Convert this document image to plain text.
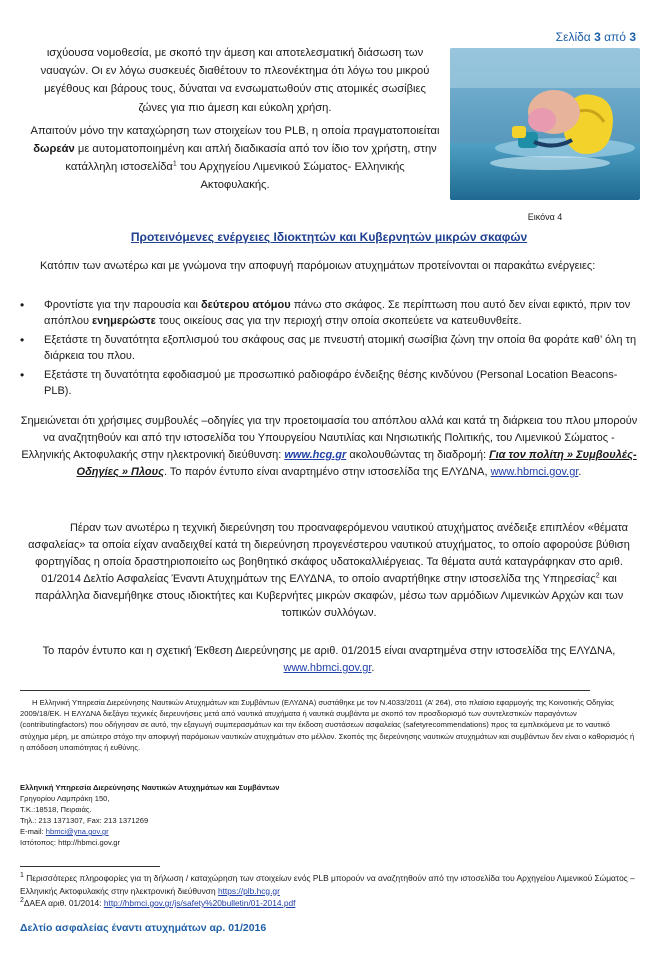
Σελίδα 3 από 3

ισχύουσα νομοθεσία, με σκοπό την άμεση και αποτελεσματική διάσωση των ναυαγών. Οι εν λόγω συσκευές διαθέτουν το πλεονέκτημα ότι λόγω του μικρού μεγέθους και βάρους τους, δύναται να ενσωματωθούν στις ατομικές σωσίβιες ζώνες για πιο άμεση και εύκολη χρήση.

Απαιτούν μόνο την καταχώρηση των στοιχείων του PLB, η οποία πραγματοποιείται δωρεάν με αυτοματοποιημένη και απλή διαδικασία από τον ίδιο τον χρήστη, στην κατάλληλη ιστοσελίδα$^1$ του Αρχηγείου Λιμενικού Σώματος- Ελληνικής Ακτοφυλακής.

Εικόνα 4
Προτεινόμενες ενέργειες Ιδιοκτητών και Κυβερνητών μικρών σκαφών
Κατόπιν των ανωτέρω και με γνώμονα την αποφυγή παρόμοιων ατυχημάτων προτείνονται οι παρακάτω ενέργειες:
• Φροντίστε για την παρουσία και δεύτερου ατόμου πάνω στο σκάφος. Σε περίπτωση που αυτό δεν είναι εφικτό, πριν τον απόπλου ενημερώστε τους οικείους σας για την περιοχή στην οποία σκοπεύετε να κατευθυνθείτε.
• Εξετάστε τη δυνατότητα εξοπλισμού του σκάφους σας με πνευστή ατομική σωσίβια ζώνη την οποία θα φοράτε καθ’ όλη τη διάρκεια του πλου.
• Εξετάστε τη δυνατότητα εφοδιασμού με προσωπικό ραδιοφάρο ένδειξης θέσης κινδύνου (Personal Location Beacons-PLB).
Σημειώνεται ότι χρήσιμες συμβουλές –οδηγίες για την προετοιμασία του απόπλου αλλά και κατά τη διάρκεια του πλου μπορούν να αναζητηθούν και από την ιστοσελίδα του Υπουργείου Ναυτιλίας και Νησιωτικής Πολιτικής, του Λιμενικού Σώματος - Ελληνικής Ακτοφυλακής στην ηλεκτρονική διεύθυνση: www.hcg.gr ακολουθώντας τη διαδρομή: Για τον πολίτη » Συμβουλές-Οδηγίες » Πλους. Το παρόν έντυπο είναι αναρτημένο στην ιστοσελίδα της ΕΛΥΔΝΑ, www.hbmci.gov.gr.
Πέραν των ανωτέρω η τεχνική διερεύνηση του προαναφερόμενου ναυτικού ατυχήματος ανέδειξε επιπλέον «θέματα ασφαλείας» τα οποία είχαν αναδειχθεί κατά τη διερεύνηση προγενέστερου ναυτικού ατυχήματος, το οποίο αφορούσε βύθιση φορτηγίδας η οποία δραστηριοποιείτο ως βοηθητικό σκάφος υδατοκαλλιέργειας. Τα θέματα αυτά καταγράφηκαν στο αριθ. 01/2014 Δελτίο Ασφαλείας Έναντι Ατυχημάτων της ΕΛΥΔΝΑ, το οποίο αναρτήθηκε στην ιστοσελίδα της Υπηρεσίας$^2$ και παράλληλα διανεμήθηκε στους ιδιοκτήτες και Κυβερνήτες μικρών σκαφών, μέσω των αρμόδιων Λιμενικών Αρχών και των τοπικών συλλόγων.
Το παρόν έντυπο και η σχετική Έκθεση Διερεύνησης με αριθ. 01/2015 είναι αναρτημένα στην ιστοσελίδα της ΕΛΥΔΝΑ, www.hbmci.gov.gr.

Η Ελληνική Υπηρεσία Διερεύνησης Ναυτικών Ατυχημάτων και Συμβάντων (ΕΛΥΔΝΑ) συστάθηκε με τον Ν.4033/2011 (Α’ 264), στο πλαίσιο εφαρμογής της Κοινοτικής Οδηγίας 2009/18/ΕΚ. Η ΕΛΥΔΝΑ διεξάγει τεχνικές διερευνήσεις μετά από ναυτικά ατυχήματα ή ναυτικά συμβάντα με σκοπό τον προσδιορισμό των συντελεστικών παραγόντων (contributingfactors) που οδήγησαν σε αυτό, την εξαγωγή συμπερασμάτων και την έκδοση συστάσεων ασφαλείας (safetyrecommendations) προς τα εμπλεκόμενα με το ναυτικό ατύχημα μέρη, με απώτερο στόχο την αποφυγή παρόμοιων ναυτικών ατυχημάτων στο μέλλον. Σκοπός της διερεύνησης ναυτικών ατυχημάτων και συμβάντων δεν είναι ο καθορισμός ή η απόδοση υπαιτιότητας ή ευθύνης.

Ελληνική Υπηρεσία Διερεύνησης Ναυτικών Ατυχημάτων και Συμβάντων
Γρηγορίου Λαμπράκη 150,
Τ.Κ.:18518, Πειραιάς.
Τηλ.: 213 1371307, Fax: 213 1371269
E-mail: hbmci@yna.gov.gr
Ιστότοπος: http://hbmci.gov.gr

$^1$ Περισσότερες πληροφορίες για τη δήλωση / καταχώρηση των στοιχείων ενός PLB μπορούν να αναζητηθούν από την ιστοσελίδα του Αρχηγείου Λιμενικού Σώματος – Ελληνικής Ακτοφυλακής στην ηλεκτρονική διεύθυνση https://plb.hcg.gr

$^2$ΔΑΕΑ αριθ. 01/2014: http://hbmci.gov.gr/js/safety%20bulletin/01-2014.pdf

Δελτίο ασφαλείας έναντι ατυχημάτων αρ. 01/2016
